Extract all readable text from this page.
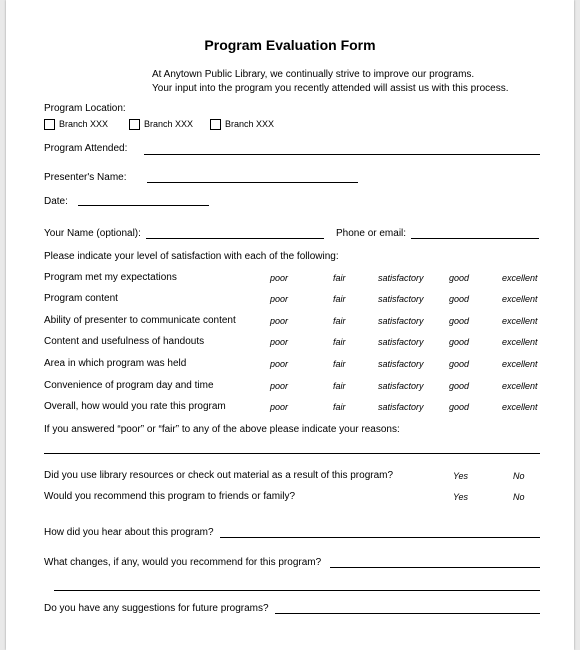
Program Evaluation Form
At Anytown Public Library, we continually strive to improve our programs.
Your input into the program you recently attended will assist us with this process.
Program Location:
Branch XXX	Branch XXX	Branch XXX
Program Attended:
Presenter's Name:
Date:
Your Name (optional):	Phone or email:
Please indicate your level of satisfaction with each of the following:
If you answered “poor” or “fair” to any of the above please indicate your reasons:
Did you use library resources or check out material as a result of this program?	Yes	No
Would you recommend this program to friends or family?	Yes	No
How did you hear about this program?
What changes, if any, would you recommend for this program?
Do you have any suggestions for future programs?
Program met my expectations	poor	fair	satisfactory	good	excellent
Program content	poor	fair	satisfactory	good	excellent
Ability of presenter to communicate content	poor	fair	satisfactory	good	excellent
Content and usefulness of handouts	poor	fair	satisfactory	good	excellent
Area in which program was held	poor	fair	satisfactory	good	excellent
Convenience of program day and time	poor	fair	satisfactory	good	excellent
Overall, how would you rate this program	poor	fair	satisfactory	good	excellent
